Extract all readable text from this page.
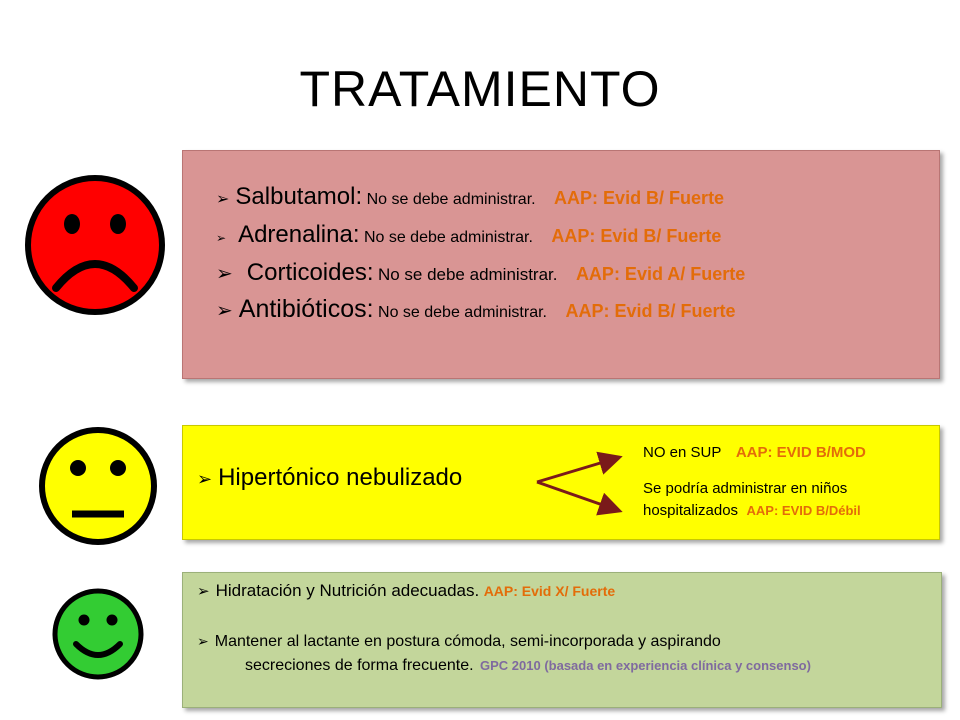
TRATAMIENTO
➢ Salbutamol: No se debe administrar. AAP: Evid B/ Fuerte
➢ Adrenalina: No se debe administrar. AAP: Evid B/ Fuerte
➢ Corticoides: No se debe administrar. AAP: Evid A/ Fuerte
➢ Antibióticos: No se debe administrar. AAP: Evid B/ Fuerte
➢ Hipertónico nebulizado
NO en SUP AAP: EVID B/MOD
Se podría administrar en niños
hospitalizados AAP: EVID B/Débil
➢ Hidratación y Nutrición adecuadas. AAP: Evid X/ Fuerte
➢ Mantener al lactante en postura cómoda, semi-incorporada y aspirando
secreciones de forma frecuente. GPC 2010 (basada en experiencia clínica y consenso)
